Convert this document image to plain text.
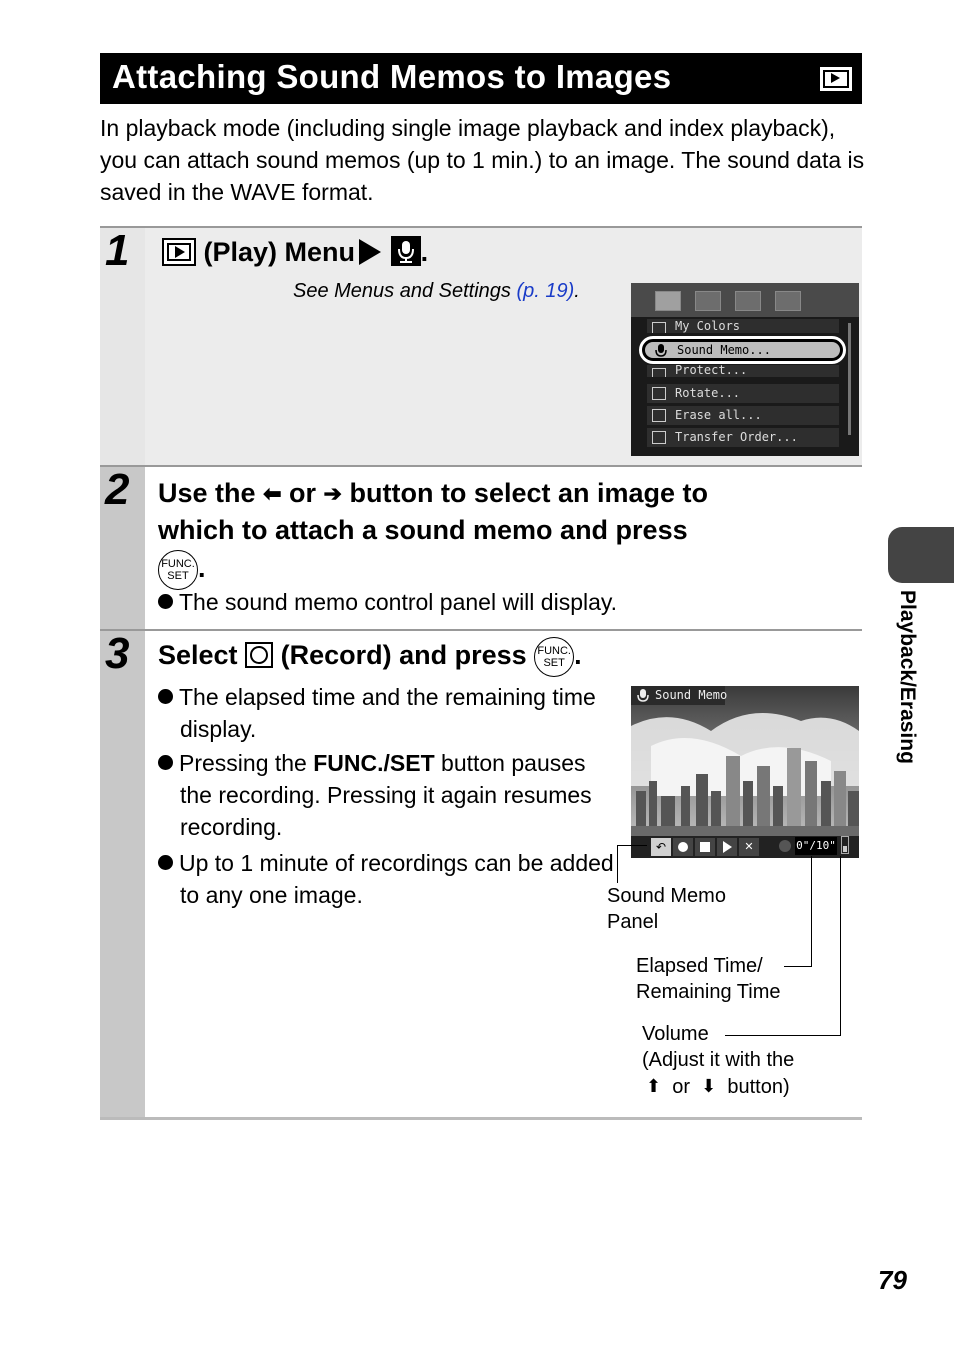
Attaching Sound Memos to Images
In playback mode (including single image playback and index playback), you can attach sound memos (up to 1 min.) to an image. The sound data is saved in the WAVE format.
1	(Play) Menu .
See Menus and Settings (p. 19).
My Colors
Protect...
Rotate...
Erase all...
Transfer Order...
Sound Memo...
2 Use the ⬅︎ or ➔ button to select an image to
which to attach a sound memo and press
FUNC.
SET .
The sound memo control panel will display.
3 Select (Record) and press FUNC.
SET .
The elapsed time and the remaining time display.
Pressing the FUNC./SET button pauses the recording. Pressing it again resumes recording.
Up to 1 minute of recordings can be added to any one image.
Sound Memo
↶	✕	0"/10"
Sound Memo
Panel
Elapsed Time/
Remaining Time
Volume
(Adjust it with the
⬆︎ or ⬇︎ button)
Playback/Erasing
79
